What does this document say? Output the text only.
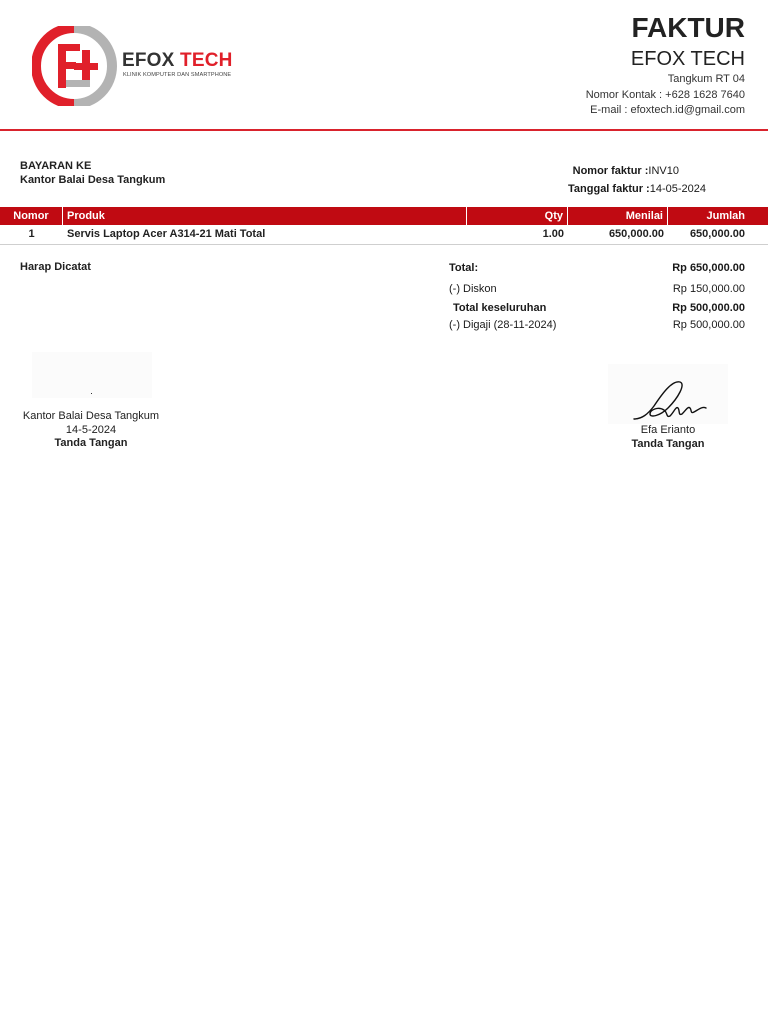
EFOX TECH
KLINIK KOMPUTER DAN SMARTPHONE
FAKTUR
EFOX TECH
Tangkum RT 04
Nomor Kontak : +628 1628 7640
E-mail : efoxtech.id@gmail.com
BAYARAN KE
Kantor Balai Desa Tangkum
Nomor faktur :INV10
Tanggal faktur :14-05-2024
Nomor	Produk	Qty	Menilai	Jumlah
1	Servis Laptop Acer A314-21 Mati Total	1.00	650,000.00	650,000.00
Harap Dicatat	Total:	Rp 650,000.00
(-) Diskon	Rp 150,000.00
Total keseluruhan	Rp 500,000.00
(-) Digaji (28-11-2024)	Rp 500,000.00
Kantor Balai Desa Tangkum
14-5-2024
Tanda Tangan
Efa Erianto
Tanda Tangan
